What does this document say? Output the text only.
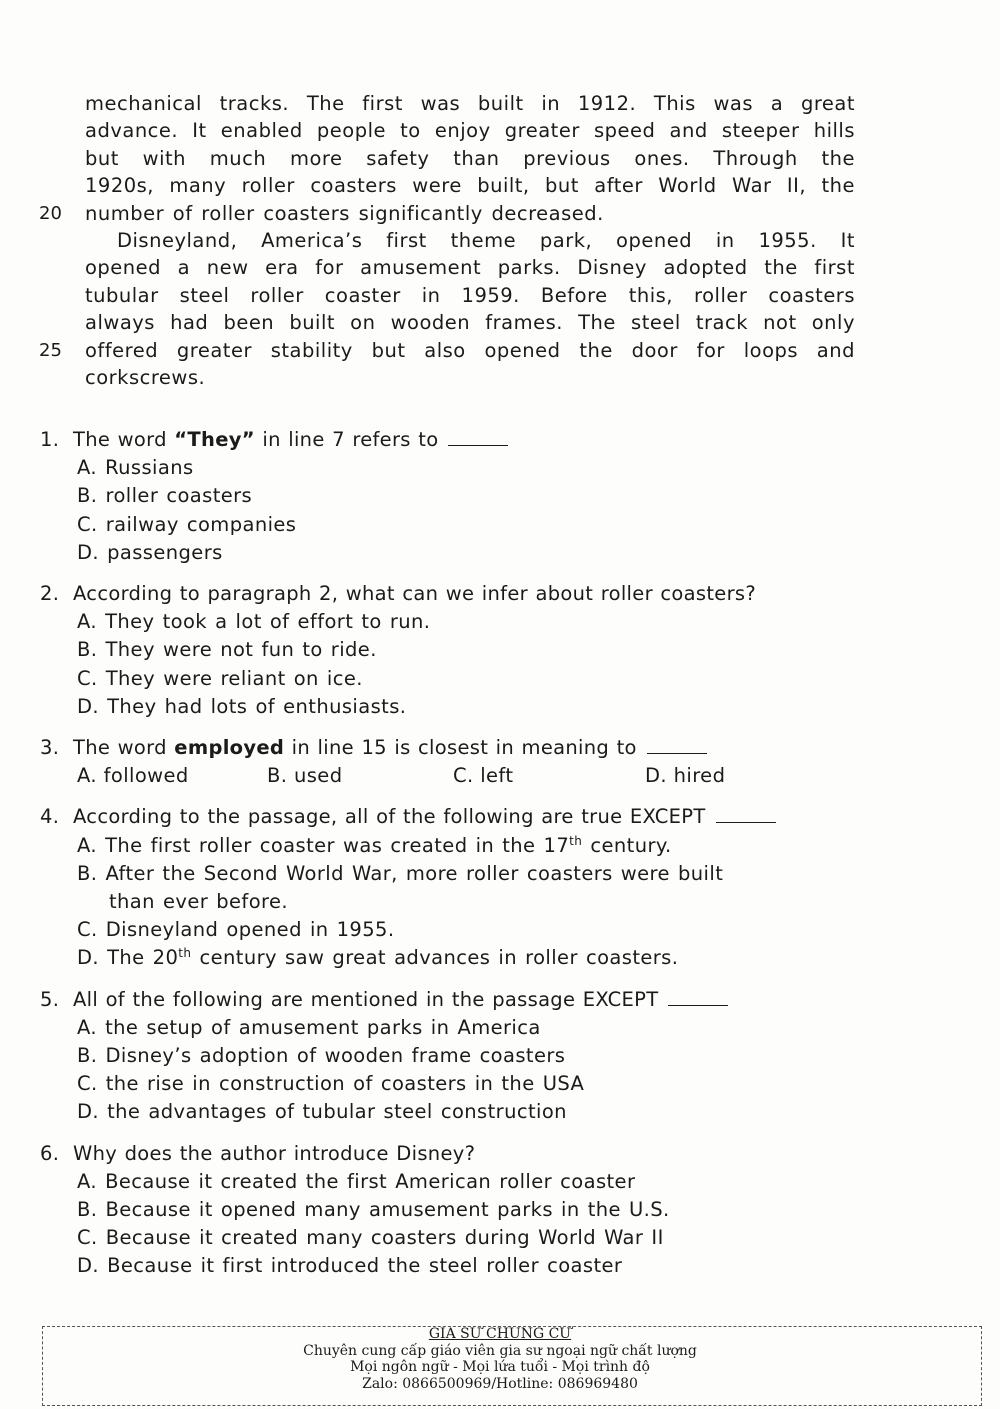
mechanical tracks. The first was built in 1912. This was a great
advance. It enabled people to enjoy greater speed and steeper hills
but with much more safety than previous ones. Through the
1920s, many roller coasters were built, but after World War II, the
20 number of roller coasters significantly decreased.
Disneyland, America’s first theme park, opened in 1955. It
opened a new era for amusement parks. Disney adopted the first
tubular steel roller coaster in 1959. Before this, roller coasters
always had been built on wooden frames. The steel track not only
25 offered greater stability but also opened the door for loops and
corkscrews.
1. The word “They” in line 7 refers to
A. Russians
B. roller coasters
C. railway companies
D. passengers
2. According to paragraph 2, what can we infer about roller coasters?
A. They took a lot of effort to run.
B. They were not fun to ride.
C. They were reliant on ice.
D. They had lots of enthusiasts.
3. The word employed in line 15 is closest in meaning to
A. followed	B. used	C. left	D. hired
4. According to the passage, all of the following are true EXCEPT
A. The first roller coaster was created in the 17th century.
B. After the Second World War, more roller coasters were built
than ever before.
C. Disneyland opened in 1955.
D. The 20th century saw great advances in roller coasters.
5. All of the following are mentioned in the passage EXCEPT
A. the setup of amusement parks in America
B. Disney’s adoption of wooden frame coasters
C. the rise in construction of coasters in the USA
D. the advantages of tubular steel construction
6. Why does the author introduce Disney?
A. Because it created the first American roller coaster
B. Because it opened many amusement parks in the U.S.
C. Because it created many coasters during World War II
D. Because it first introduced the steel roller coaster
GIA SƯ CHUNG CƯ
Chuyên cung cấp giáo viên gia sư ngoại ngữ chất lượng
Mọi ngôn ngữ - Mọi lứa tuổi - Mọi trình độ
Zalo: 0866500969/Hotline: 086969480
